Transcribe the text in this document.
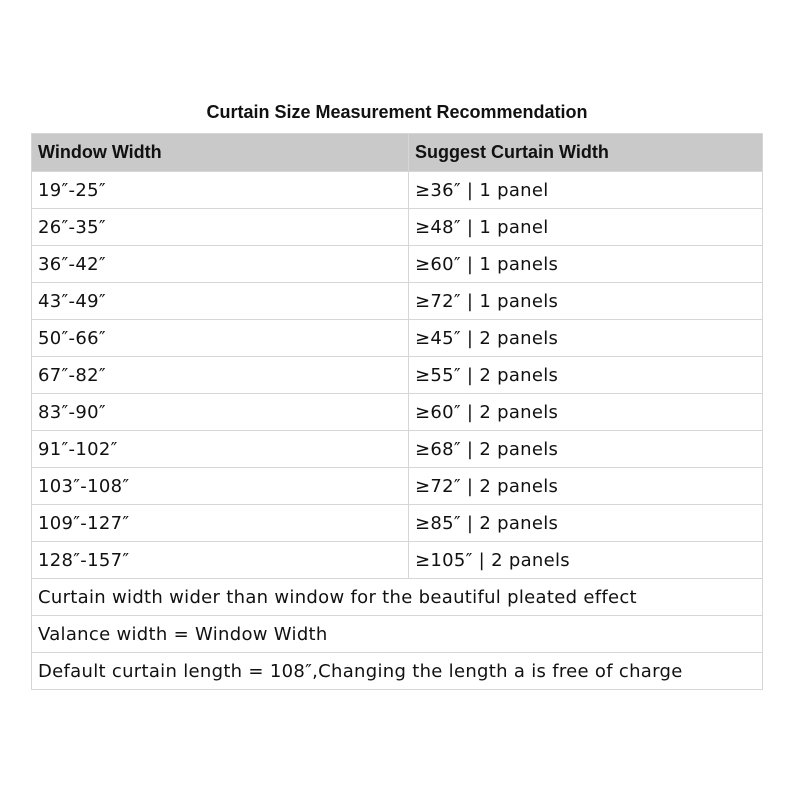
Curtain Size Measurement Recommendation
Window Width	Suggest Curtain Width
19″-25″	≥36″ | 1 panel
26″-35″	≥48″ | 1 panel
36″-42″	≥60″ | 1 panels
43″-49″	≥72″ | 1 panels
50″-66″	≥45″ | 2 panels
67″-82″	≥55″ | 2 panels
83″-90″	≥60″ | 2 panels
91″-102″	≥68″ | 2 panels
103″-108″	≥72″ | 2 panels
109″-127″	≥85″ | 2 panels
128″-157″	≥105″ | 2 panels
Curtain width wider than window for the beautiful pleated effect	
Valance width = Window Width	
Default curtain length = 108″,Changing the length a is free of charge	
